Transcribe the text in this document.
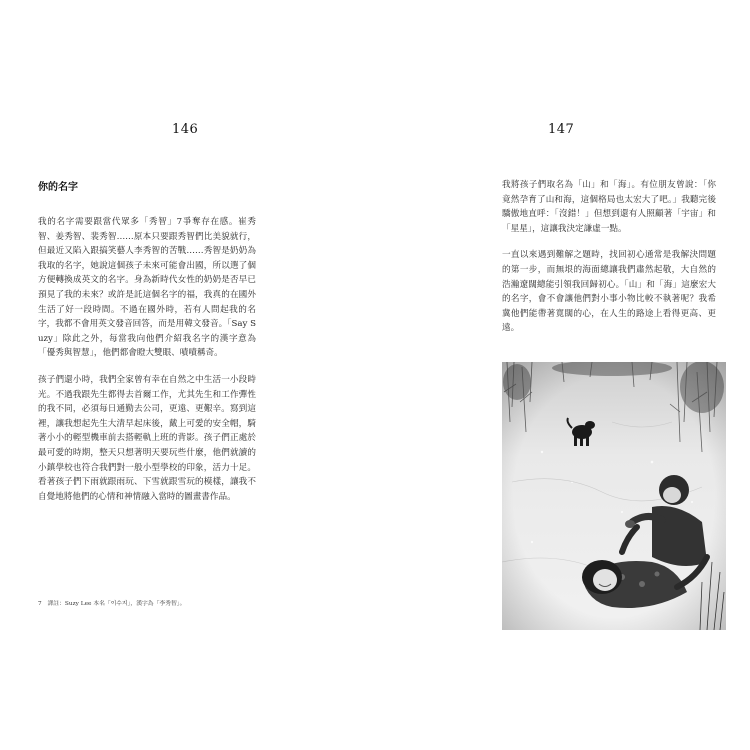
146
你的名字

我的名字需要跟當代眾多「秀智」7爭奪存在感。崔秀智、姜秀智、裴秀智……原本只要跟秀智們比美貌就行，但最近又陷入跟搞笑藝人李秀智的苦戰……秀智是奶奶為我取的名字，她說這個孩子未來可能會出國，所以選了個方便轉換成英文的名字。身為新時代女性的奶奶是否早已預見了我的未來？或許是託這個名字的福，我真的在國外生活了好一段時間。不過在國外時，若有人問起我的名字，我都不會用英文發音回答，而是用韓文發音。「Say Suzy」除此之外，每當我向他們介紹我名字的漢字意為「優秀與智慧」，他們都會瞪大雙眼、嘖嘖稱奇。

孩子們還小時，我們全家曾有幸在自然之中生活一小段時光。不過我跟先生都得去首爾工作，尤其先生和工作彈性的我不同，必須每日通勤去公司，更遠、更艱辛。寫到這裡，讓我想起先生大清早起床後，戴上可愛的安全帽，騎著小小的輕型機車前去搭輕軌上班的背影。孩子們正處於最可愛的時期，整天只想著明天要玩些什麼，他們就讀的小鎮學校也符合我們對一般小型學校的印象，活力十足。看著孩子們下雨就跟雨玩、下雪就跟雪玩的模樣，讓我不自覺地將他們的心情和神情融入當時的圖畫書作品。

7　譯註：Suzy Lee 本名「이수지」，漢字為「李秀智」。
147

我將孩子們取名為「山」和「海」。有位朋友曾說：「你竟然孕育了山和海，這個格局也太宏大了吧。」我聽完後驕傲地直呼：「沒錯！」但想到還有人照顧著「宇宙」和「星星」，這讓我決定謙虛一點。

一直以來遇到難解之題時，找回初心通常是我解決問題的第一步，而無垠的海面總讓我們肅然起敬，大自然的浩瀚遼闊總能引領我回歸初心。「山」和「海」這麼宏大的名字，會不會讓他們對小事小物比較不執著呢？我希冀他們能帶著寬闊的心，在人生的路途上看得更高、更遠。
